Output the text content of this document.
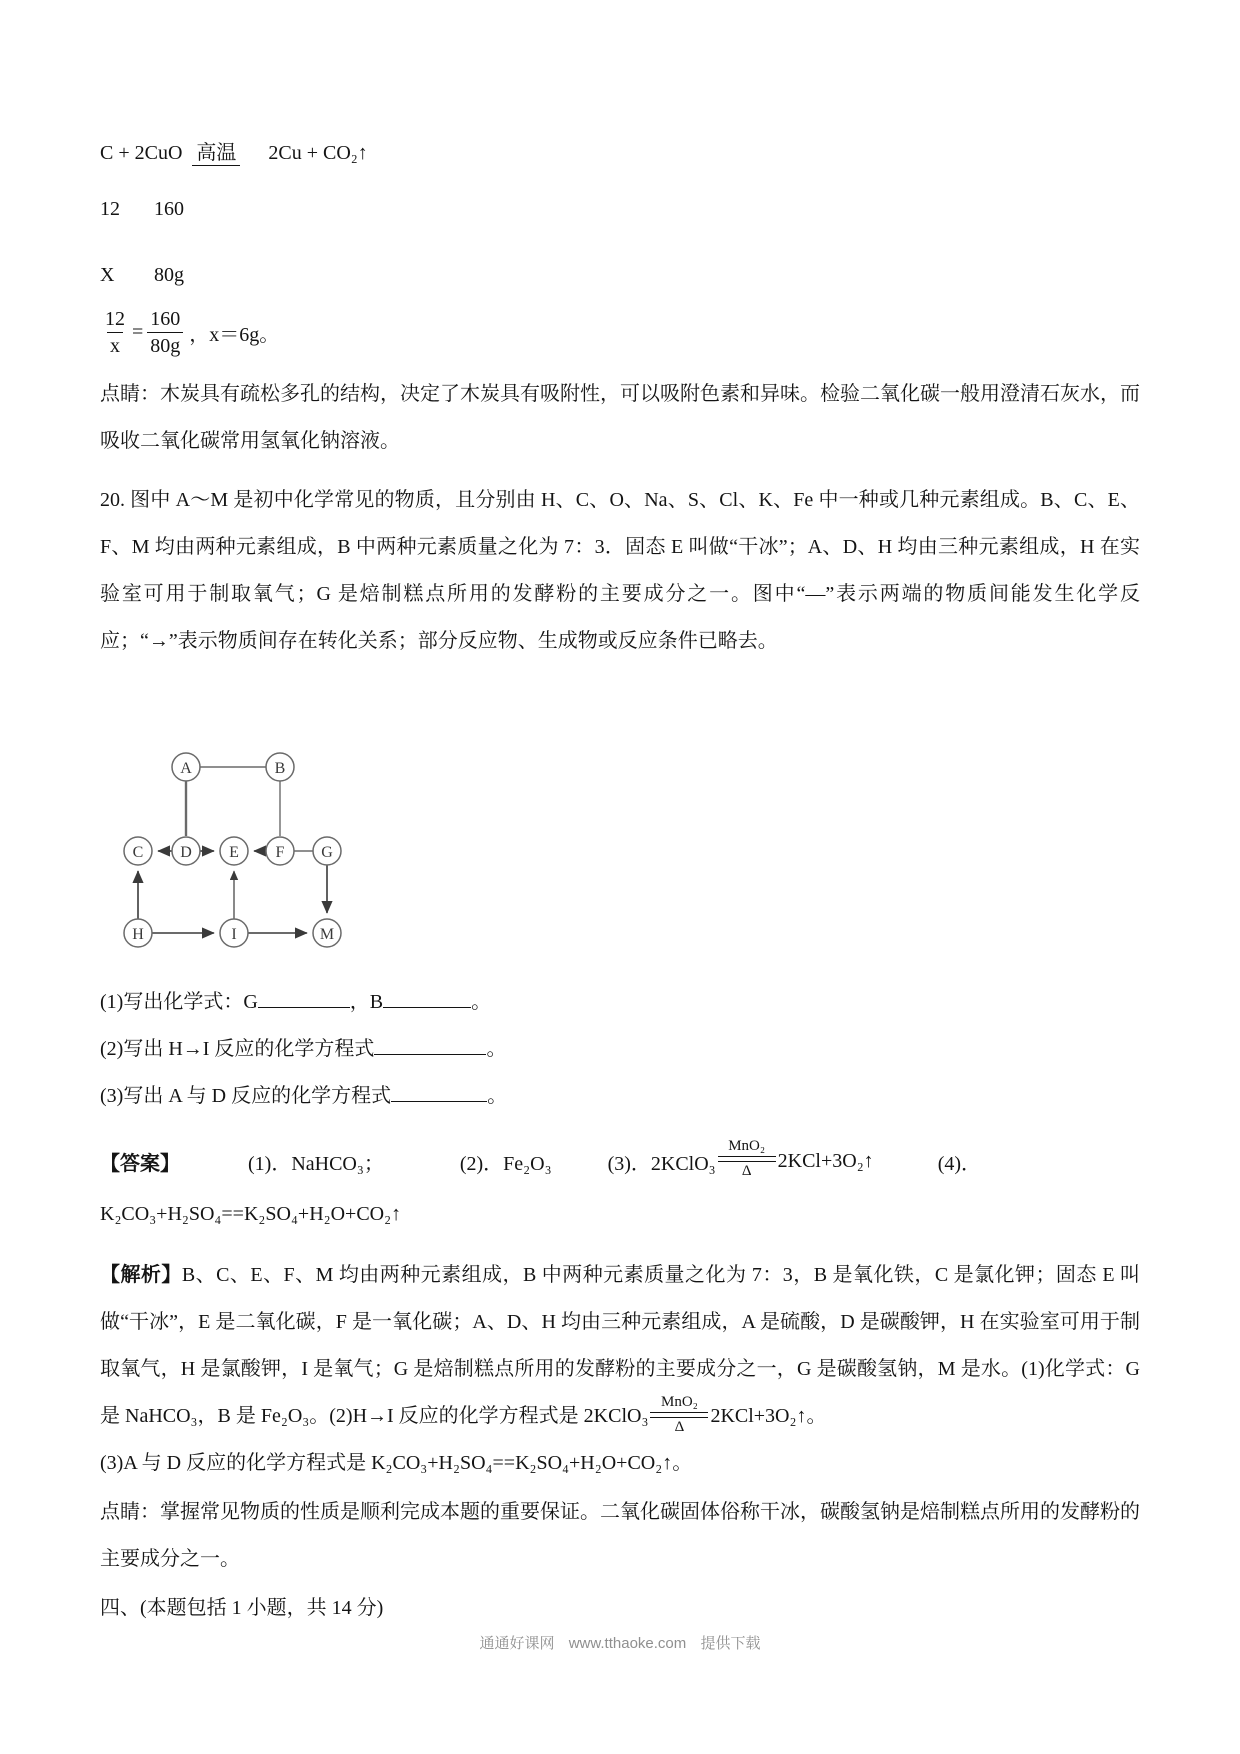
C + 2CuO 高温 2Cu + CO₂↑
12	160
X	80g
$\frac{12}{x} = \frac{160}{80g}$ ，x＝6g。
点睛：木炭具有疏松多孔的结构，决定了木炭具有吸附性，可以吸附色素和异味。检验二氧化碳一般用澄清石灰水，而吸收二氧化碳常用氢氧化钠溶液。
20. 图中 A～M 是初中化学常见的物质，且分别由 H、C、O、Na、S、Cl、K、Fe 中一种或几种元素组成。B、C、E、F、M 均由两种元素组成，B 中两种元素质量之化为 7：3．固态 E 叫做“干冰”；A、D、H 均由三种元素组成，H 在实验室可用于制取氧气；G 是焙制糕点所用的发酵粉的主要成分之一。图中“—”表示两端的物质间能发生化学反应；“→”表示物质间存在转化关系；部分反应物、生成物或反应条件已略去。
A	B
C D E F G
H	I	M
(1)写出化学式：G	，B	。
(2)写出 H→I 反应的化学方程式	。
(3)写出 A 与 D 反应的化学方程式	。
【答案】	(1)．NaHCO₃；	(2)．Fe₂O₃	(3)．2KClO₃
MnO₂
Δ 2KCl+3O₂↑	(4)．
K₂CO₃+H₂SO₄==K₂SO₄+H₂O+CO₂↑
【解析】B、C、E、F、M 均由两种元素组成，B 中两种元素质量之化为 7：3，B 是氧化铁，C 是氯化钾；固态 E 叫做“干冰”，E 是二氧化碳，F 是一氧化碳；A、D、H 均由三种元素组成，A 是硫酸，D 是碳酸钾，H 在实验室可用于制取氧气，H 是氯酸钾，I 是氧气；G 是焙制糕点所用的发酵粉的主要成分之一，G 是碳酸氢钠，M 是水。(1)化学式：G 是 NaHCO₃，B 是 Fe₂O₃。(2)H→I 反应的化学方程式是 2KClO₃
MnO₂
Δ
2KCl+3O₂↑。
(3)A 与 D 反应的化学方程式是 K₂CO₃+H₂SO₄==K₂SO₄+H₂O+CO₂↑。
点睛：掌握常见物质的性质是顺利完成本题的重要保证。二氧化碳固体俗称干冰，碳酸氢钠是焙制糕点所用的发酵粉的主要成分之一。
四、(本题包括 1 小题，共 14 分)
通通好课网 www.tthaoke.com 提供下载
